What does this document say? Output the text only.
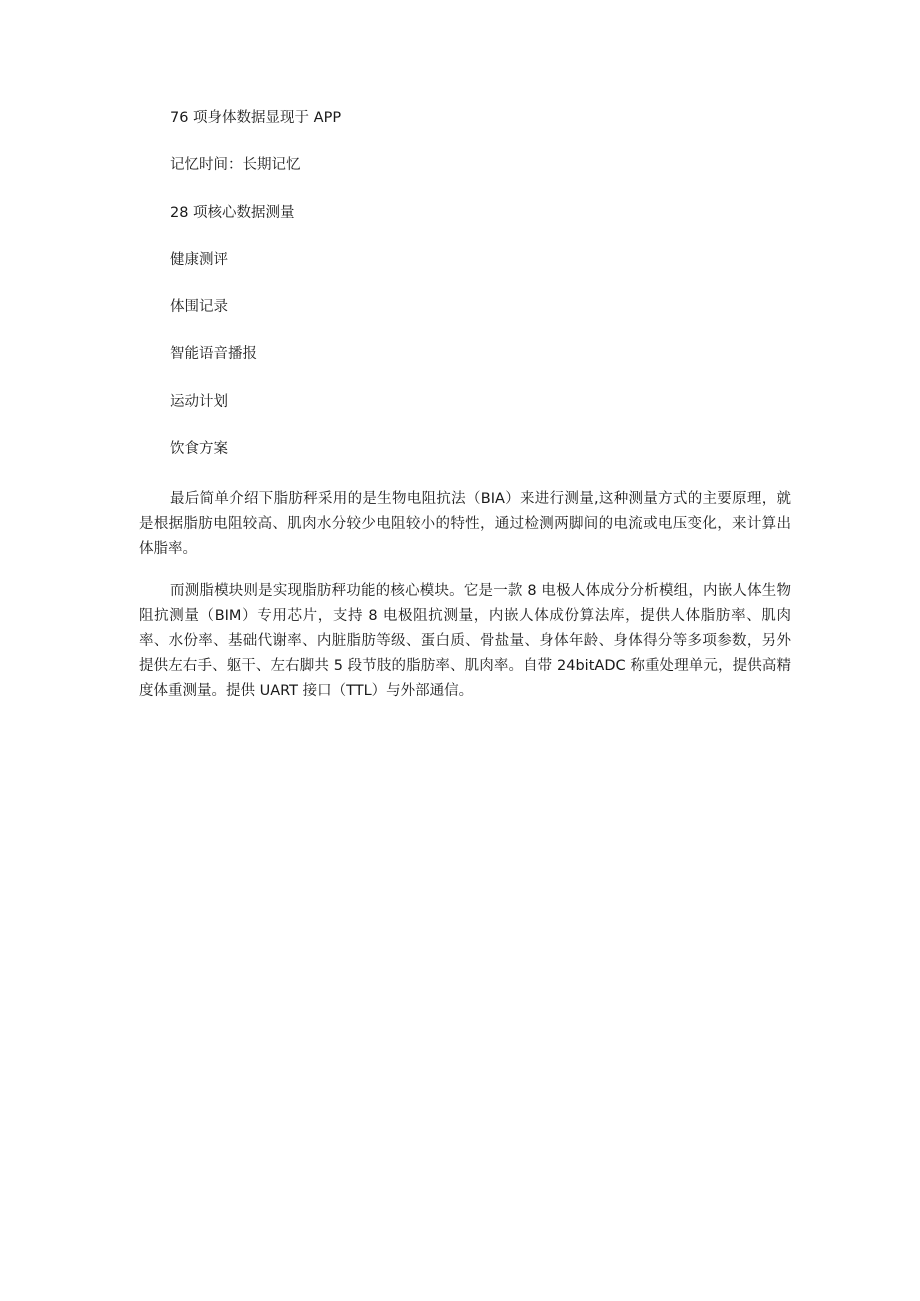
76 项身体数据显现于 APP
记忆时间：长期记忆
28 项核心数据测量
健康测评
体围记录
智能语音播报
运动计划
饮食方案

最后简单介绍下脂肪秤采用的是生物电阻抗法（BIA）来进行测量,这种测量方式的主要原理，就是根据脂肪电阻较高、肌肉水分较少电阻较小的特性，通过检测两脚间的电流或电压变化，来计算出体脂率。

而测脂模块则是实现脂肪秤功能的核心模块。它是一款 8 电极人体成分分析模组，内嵌人体生物阻抗测量（BIM）专用芯片，支持 8 电极阻抗测量，内嵌人体成份算法库，提供人体脂肪率、肌肉率、水份率、基础代谢率、内脏脂肪等级、蛋白质、骨盐量、身体年龄、身体得分等多项参数，另外提供左右手、躯干、左右脚共 5 段节肢的脂肪率、肌肉率。自带 24bitADC 称重处理单元，提供高精度体重测量。提供 UART 接口（TTL）与外部通信。
